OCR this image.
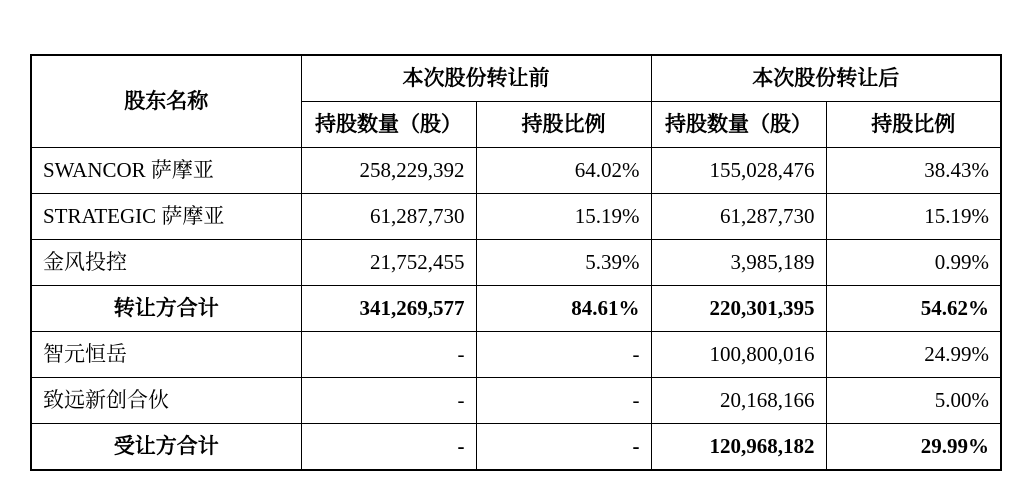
股东名称	本次股份转让前		本次股份转让后	
	持股数量（股）	持股比例	持股数量（股）	持股比例
SWANCOR 萨摩亚	258,229,392	64.02%	155,028,476	38.43%
STRATEGIC 萨摩亚	61,287,730	15.19%	61,287,730	15.19%
金风投控	21,752,455	5.39%	3,985,189	0.99%
转让方合计	341,269,577	84.61%	220,301,395	54.62%
智元恒岳	-	-	100,800,016	24.99%
致远新创合伙	-	-	20,168,166	5.00%
受让方合计	-	-	120,968,182	29.99%
